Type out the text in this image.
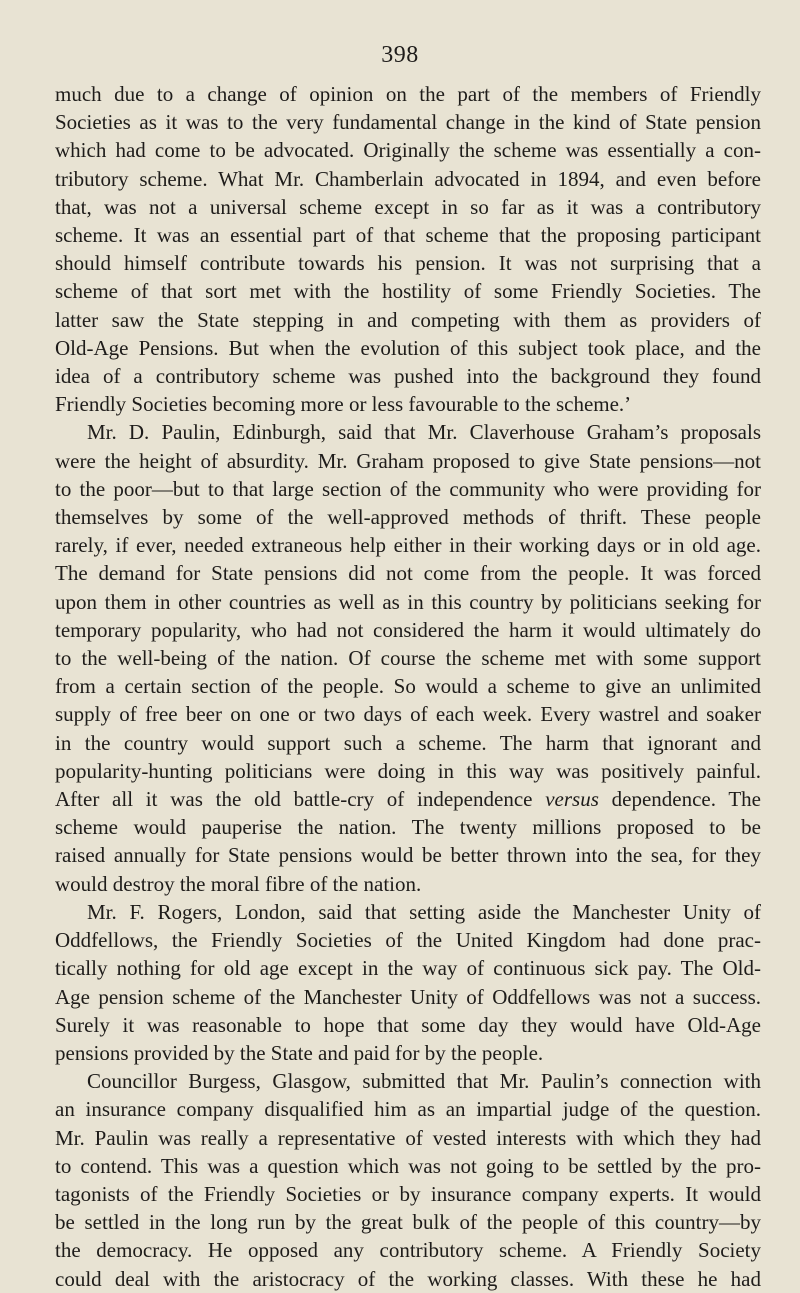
398

much due to a change of opinion on the part of the members of Friendly
Societies as it was to the very fundamental change in the kind of State pension
which had come to be advocated. Originally the scheme was essentially a con-
tributory scheme. What Mr. Chamberlain advocated in 1894, and even before
that, was not a universal scheme except in so far as it was a contributory
scheme. It was an essential part of that scheme that the proposing participant
should himself contribute towards his pension. It was not surprising that a
scheme of that sort met with the hostility of some Friendly Societies. The
latter saw the State stepping in and competing with them as providers of
Old-Age Pensions. But when the evolution of this subject took place, and the
idea of a contributory scheme was pushed into the background they found
Friendly Societies becoming more or less favourable to the scheme.’

Mr. D. Paulin, Edinburgh, said that Mr. Claverhouse Graham’s proposals
were the height of absurdity. Mr. Graham proposed to give State pensions—not
to the poor—but to that large section of the community who were providing for
themselves by some of the well-approved methods of thrift. These people
rarely, if ever, needed extraneous help either in their working days or in old age.
The demand for State pensions did not come from the people. It was forced
upon them in other countries as well as in this country by politicians seeking for
temporary popularity, who had not considered the harm it would ultimately do
to the well-being of the nation. Of course the scheme met with some support
from a certain section of the people. So would a scheme to give an unlimited
supply of free beer on one or two days of each week. Every wastrel and soaker
in the country would support such a scheme. The harm that ignorant and
popularity-hunting politicians were doing in this way was positively painful.
After all it was the old battle-cry of independence versus dependence. The
scheme would pauperise the nation. The twenty millions proposed to be
raised annually for State pensions would be better thrown into the sea, for they
would destroy the moral fibre of the nation.

Mr. F. Rogers, London, said that setting aside the Manchester Unity of
Oddfellows, the Friendly Societies of the United Kingdom had done prac-
tically nothing for old age except in the way of continuous sick pay. The Old-
Age pension scheme of the Manchester Unity of Oddfellows was not a success.
Surely it was reasonable to hope that some day they would have Old-Age
pensions provided by the State and paid for by the people.

Councillor Burgess, Glasgow, submitted that Mr. Paulin’s connection with
an insurance company disqualified him as an impartial judge of the question.
Mr. Paulin was really a representative of vested interests with which they had
to contend. This was a question which was not going to be settled by the pro-
tagonists of the Friendly Societies or by insurance company experts. It would
be settled in the long run by the great bulk of the people of this country—by
the democracy. He opposed any contributory scheme. A Friendly Society
could deal with the aristocracy of the working classes. With these he had
